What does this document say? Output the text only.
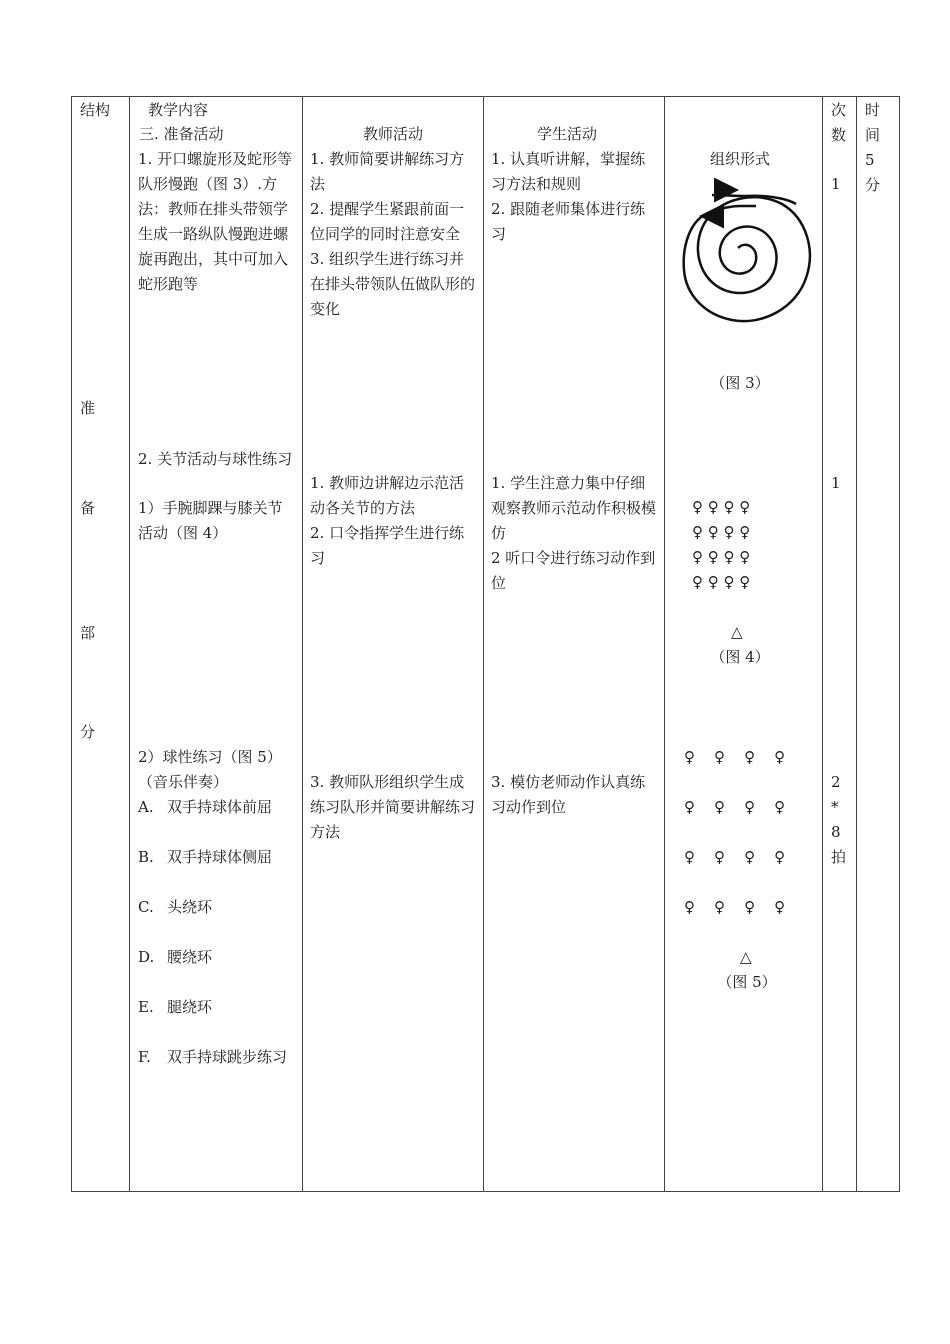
结构
准
备
部
分
教学内容
三. 准备活动
1. 开口螺旋形及蛇形等队形慢跑（图 3）.方法：教师在排头带领学生成一路纵队慢跑进螺旋再跑出，其中可加入蛇形跑等
2. 关节活动与球性练习
1）手腕脚踝与膝关节活动（图 4）
2）球性练习（图 5）（音乐伴奏）
A. 双手持球体前屈
B. 双手持球体侧屈
C. 头绕环
D. 腰绕环
E. 腿绕环
F. 双手持球跳步练习
教师活动
1. 教师简要讲解练习方法
2. 提醒学生紧跟前面一位同学的同时注意安全
3. 组织学生进行练习并在排头带领队伍做队形的变化
1. 教师边讲解边示范活动各关节的方法
2. 口令指挥学生进行练习
3. 教师队形组织学生成练习队形并简要讲解练习方法
学生活动
1. 认真听讲解，掌握练习方法和规则
2. 跟随老师集体进行练习
1. 学生注意力集中仔细观察教师示范动作积极模仿
2 听口令进行练习动作到位
3. 模仿老师动作认真练习动作到位
组织形式
（图 3）
♀ ♀ ♀ ♀
♀ ♀ ♀ ♀
♀ ♀ ♀ ♀
♀ ♀ ♀ ♀
△
（图 4）
♀    ♀    ♀    ♀
♀    ♀    ♀    ♀
♀    ♀    ♀    ♀
♀    ♀    ♀    ♀
△
（图 5）
次数
1
1
2*8拍
时间5分
